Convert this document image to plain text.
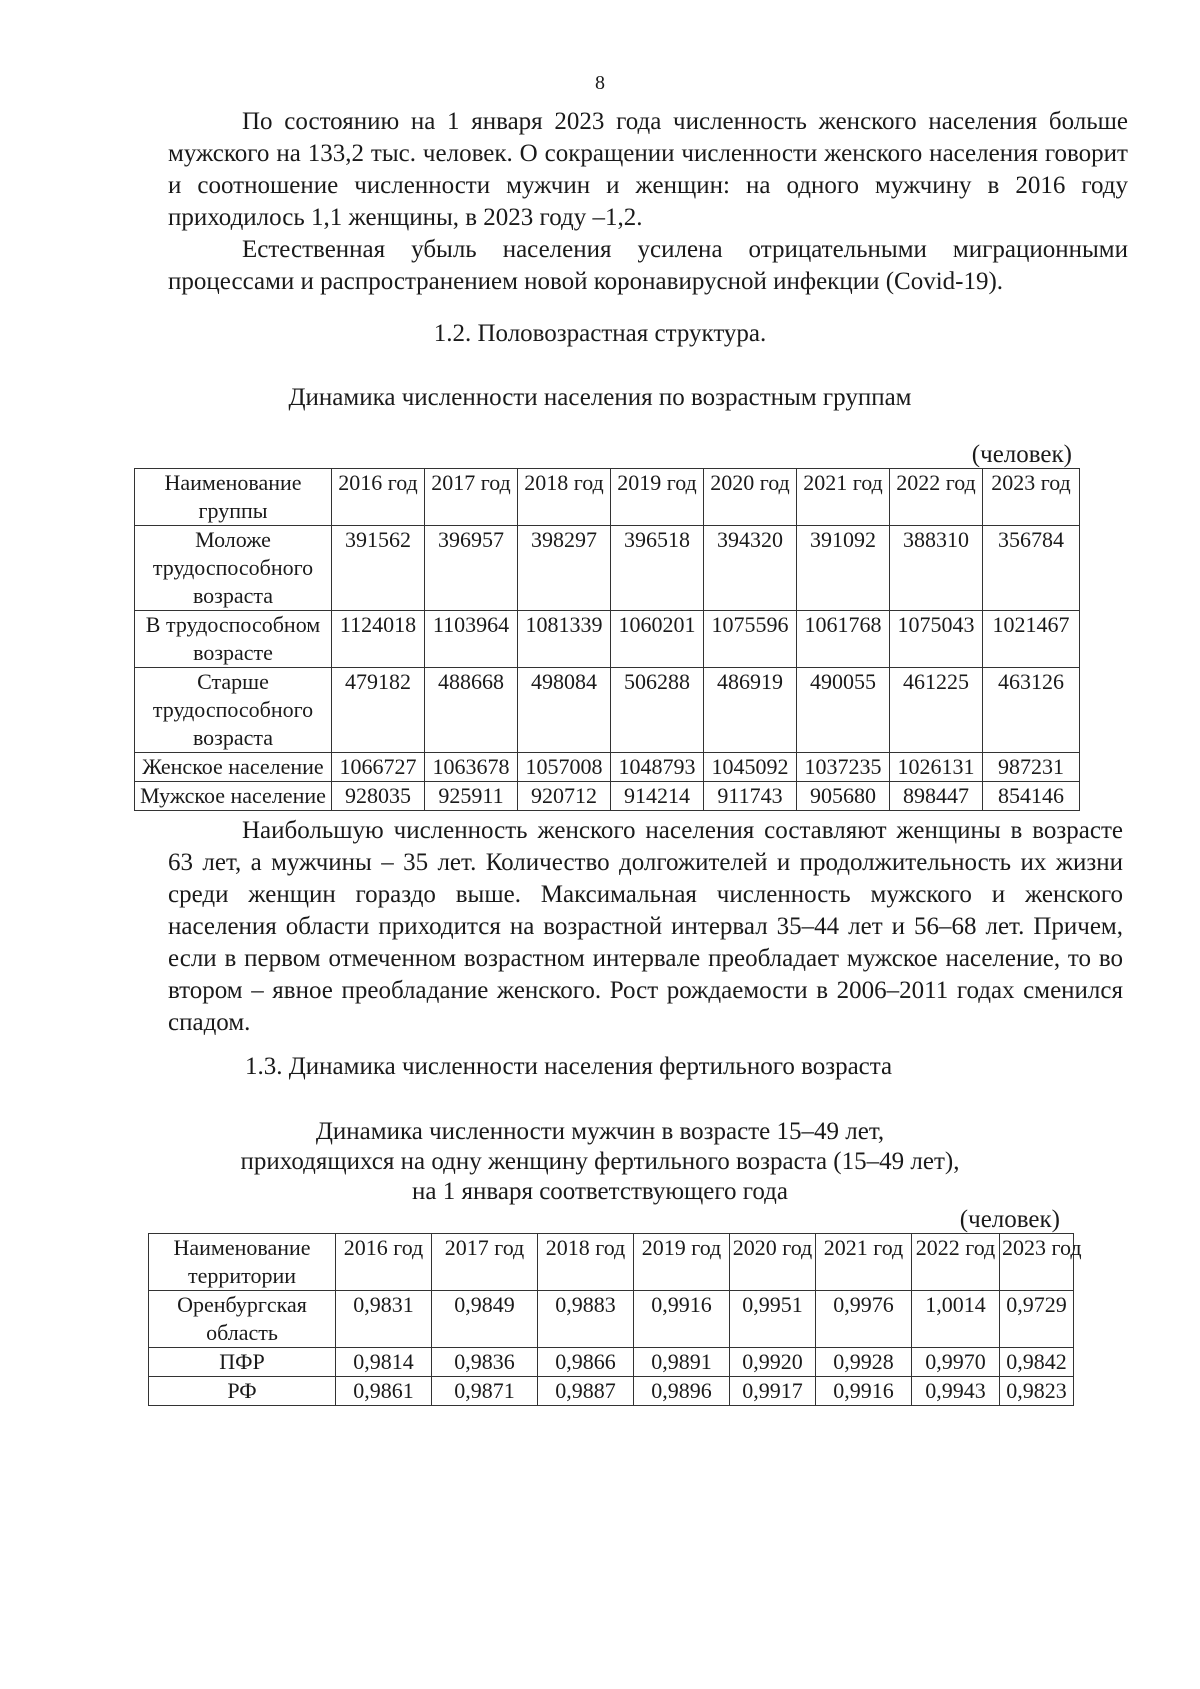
8

По состоянию на 1 января 2023 года численность женского населения больше мужского на 133,2 тыс. человек. О сокращении численности женского населения говорит и соотношение численности мужчин и женщин: на одного мужчину в 2016 году приходилось 1,1 женщины, в 2023 году –1,2.

Естественная убыль населения усилена отрицательными миграционными процессами и распространением новой коронавирусной инфекции (Covid-19).

1.2. Половозрастная структура.
Динамика численности населения по возрастным группам
(человек)
Наименование группы	2016 год	2017 год	2018 год	2019 год	2020 год	2021 год	2022 год	2023 год
Моложе трудоспособного возраста	391562	396957	398297	396518	394320	391092	388310	356784
В трудоспособном возрасте	1124018	1103964	1081339	1060201	1075596	1061768	1075043	1021467
Старше трудоспособного возраста	479182	488668	498084	506288	486919	490055	461225	463126
Женское население	1066727	1063678	1057008	1048793	1045092	1037235	1026131	987231
Мужское население	928035	925911	920712	914214	911743	905680	898447	854146

Наибольшую численность женского населения составляют женщины в возрасте 63 лет, а мужчины – 35 лет. Количество долгожителей и продолжительность их жизни среди женщин гораздо выше. Максимальная численность мужского и женского населения области приходится на возрастной интервал 35–44 лет и 56–68 лет. Причем, если в первом отмеченном возрастном интервале преобладает мужское население, то во втором – явное преобладание женского. Рост рождаемости в 2006–2011 годах сменился спадом.

1.3. Динамика численности населения фертильного возраста
Динамика численности мужчин в возрасте 15–49 лет,
приходящихся на одну женщину фертильного возраста (15–49 лет),
на 1 января соответствующего года
(человек)
Наименование территории	2016 год	2017 год	2018 год	2019 год	2020 год	2021 год	2022 год	2023 год
Оренбургская область	0,9831	0,9849	0,9883	0,9916	0,9951	0,9976	1,0014	0,9729
ПФР	0,9814	0,9836	0,9866	0,9891	0,9920	0,9928	0,9970	0,9842
РФ	0,9861	0,9871	0,9887	0,9896	0,9917	0,9916	0,9943	0,9823
